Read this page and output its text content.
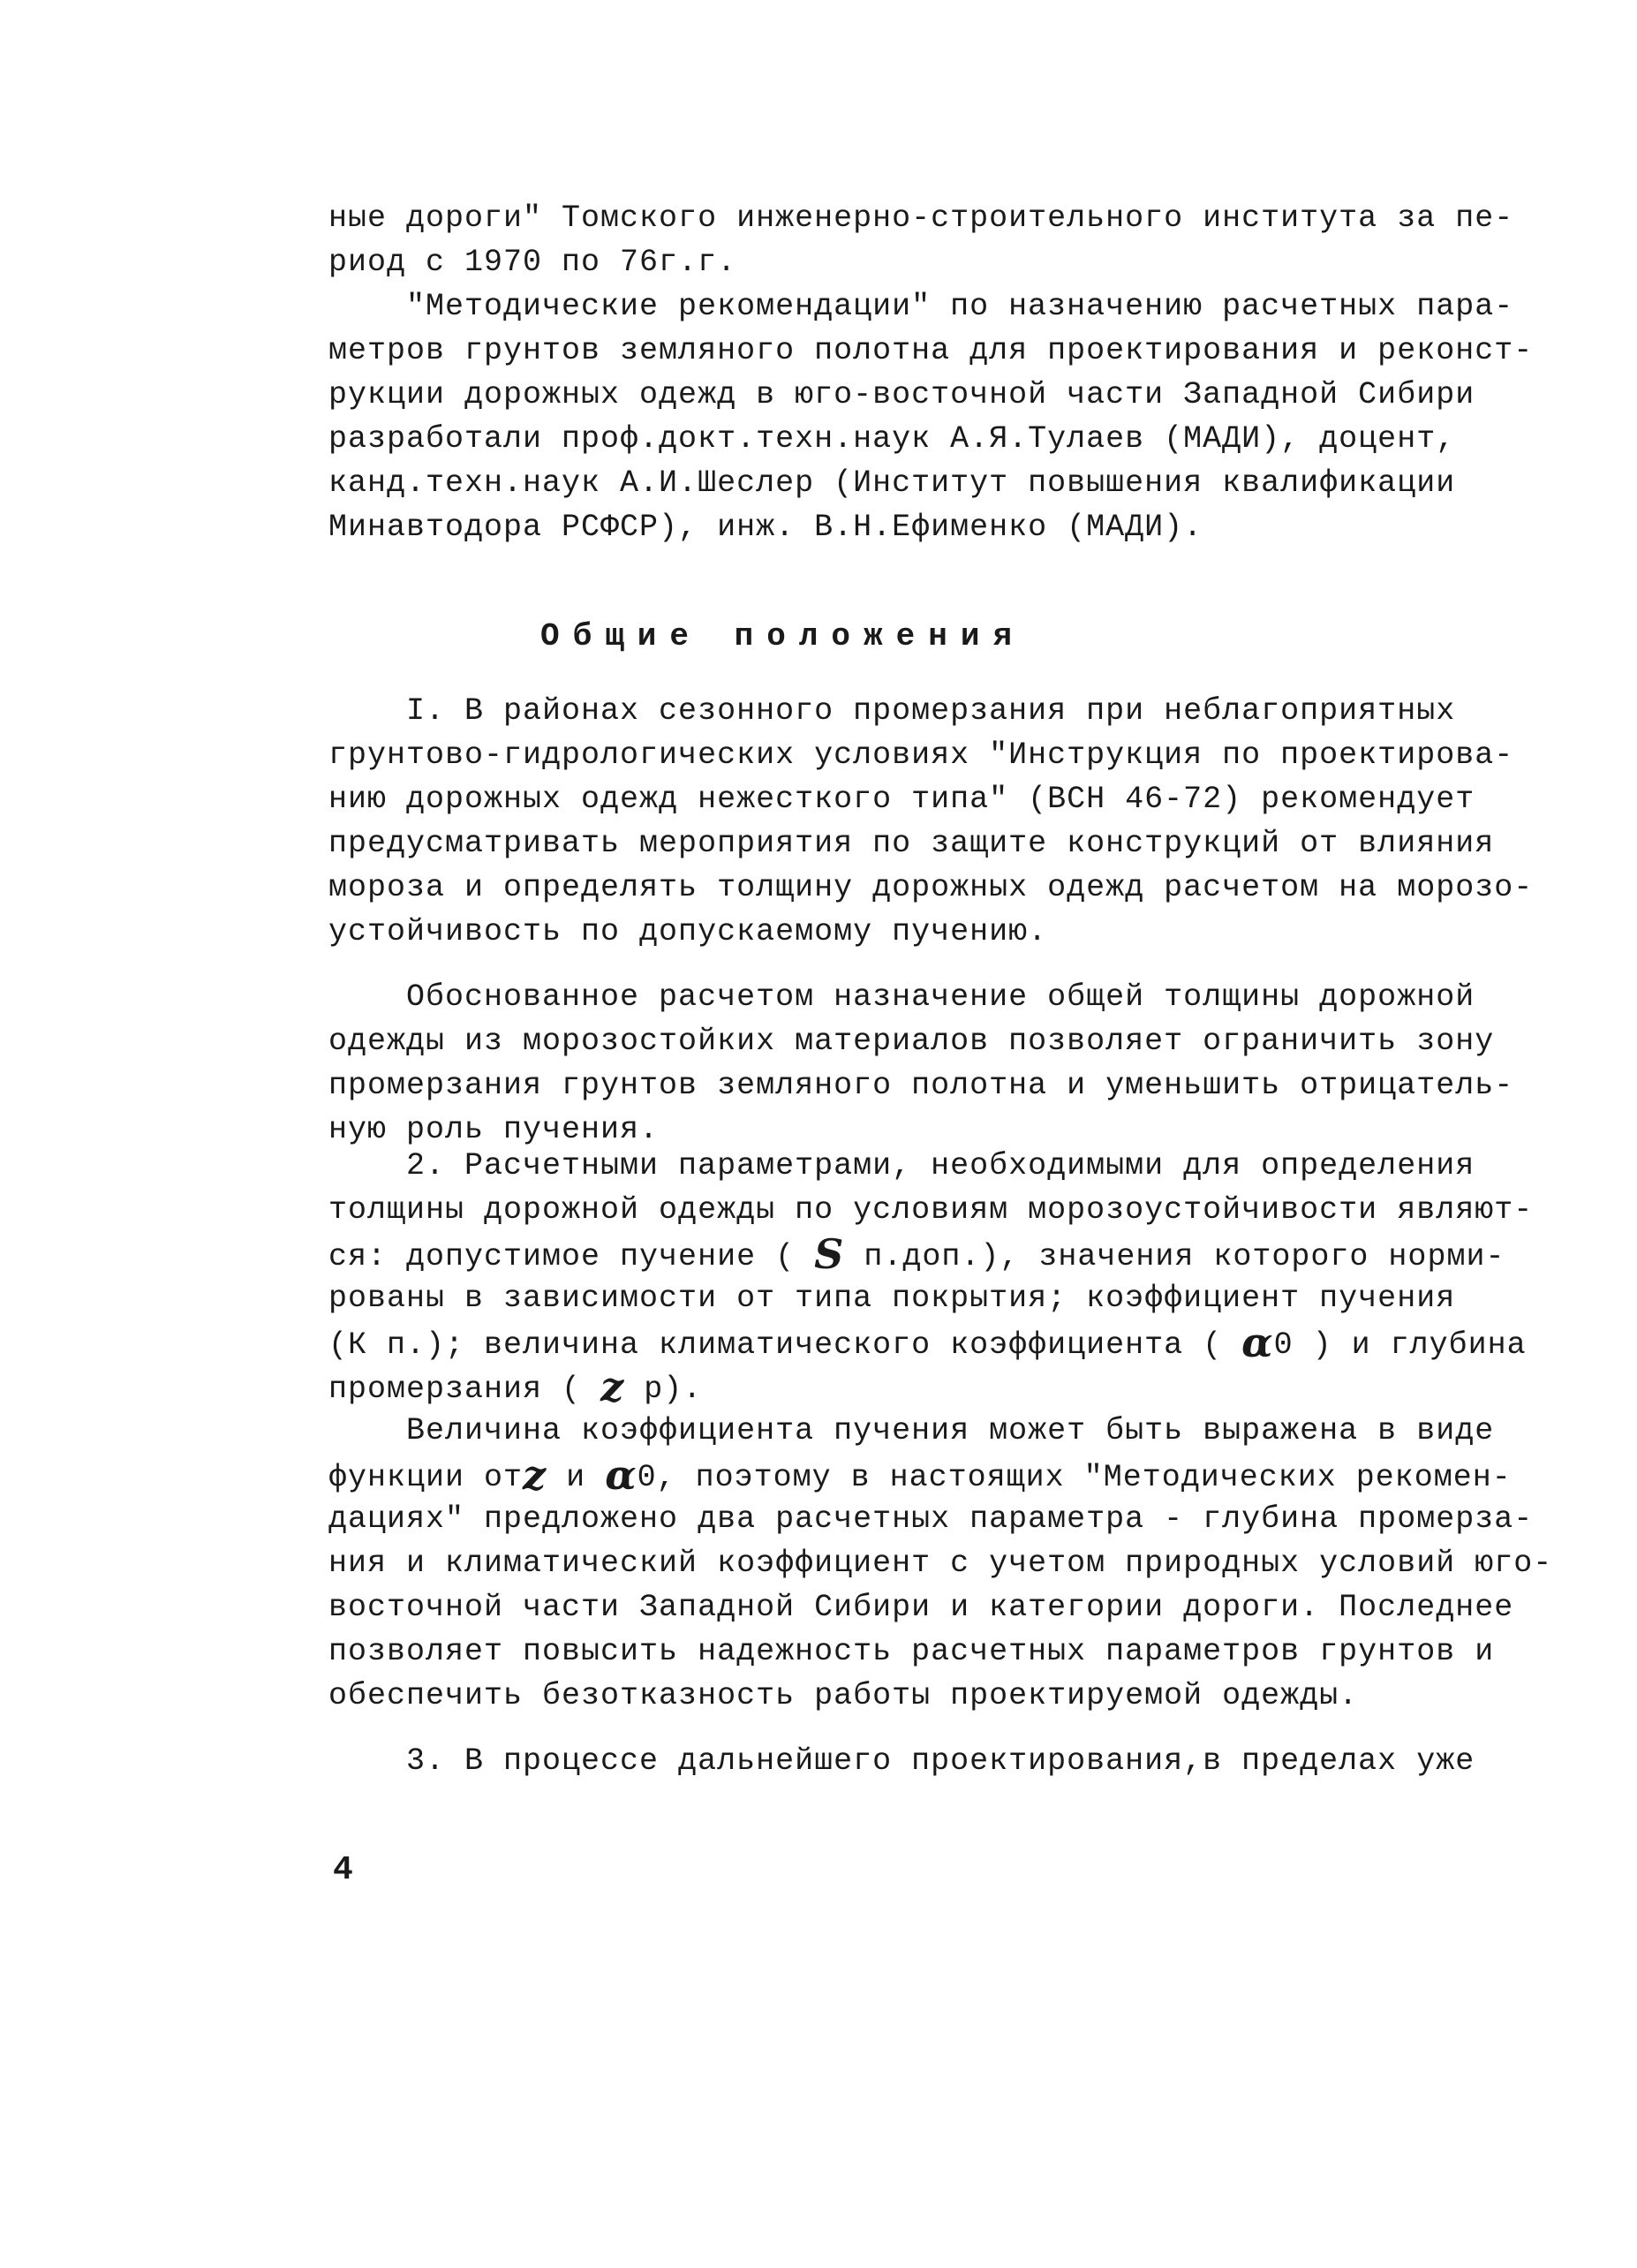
ные дороги" Томского инженерно-строительного института за пе-
риод с 1970 по 76г.г.
"Методические рекомендации" по назначению расчетных пара-
метров грунтов земляного полотна для проектирования и реконст-
рукции дорожных одежд в юго-восточной части Западной Сибири
разработали проф.докт.техн.наук А.Я.Тулаев (МАДИ), доцент,
канд.техн.наук А.И.Шеслер (Институт повышения квалификации
Минавтодора РСФСР), инж. В.Н.Ефименко (МАДИ).
Общие положения
I. В районах сезонного промерзания при неблагоприятных
грунтово-гидрологических условиях "Инструкция по проектирова-
нию дорожных одежд нежесткого типа" (ВСН 46-72) рекомендует
предусматривать мероприятия по защите конструкций от влияния
мороза и определять толщину дорожных одежд расчетом на морозо-
устойчивость по допускаемому пучению.
Обоснованное расчетом назначение общей толщины дорожной
одежды из морозостойких материалов позволяет ограничить зону
промерзания грунтов земляного полотна и уменьшить отрицатель-
ную роль пучения.
2. Расчетными параметрами, необходимыми для определения
толщины дорожной одежды по условиям морозоустойчивости являют-
ся: допустимое пучение ( S п.доп.), значения которого норми-
рованы в зависимости от типа покрытия; коэффициент пучения
(К п.); величина климатического коэффициента ( α0 ) и глубина
промерзания ( z р).
Величина коэффициента пучения может быть выражена в виде
функции отz и α0, поэтому в настоящих "Методических рекомен-
дациях" предложено два расчетных параметра - глубина промерза-
ния и климатический коэффициент с учетом природных условий юго-
восточной части Западной Сибири и категории дороги. Последнее
позволяет повысить надежность расчетных параметров грунтов и
обеспечить безотказность работы проектируемой одежды.
3. В процессе дальнейшего проектирования,в пределах уже
4
